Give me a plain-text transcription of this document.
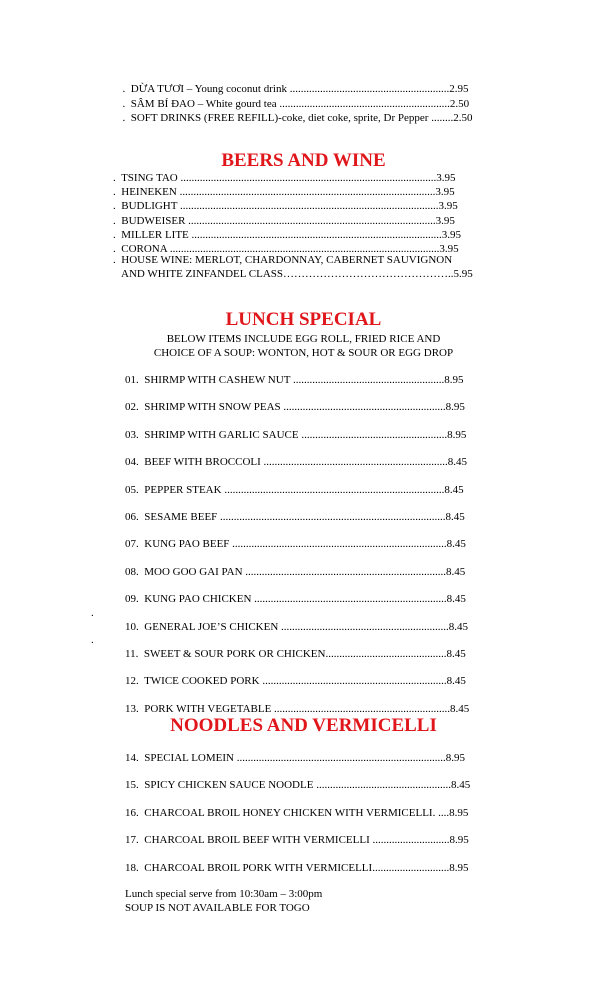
. DỪA TƯƠI – Young coconut drink ..........................................................2.95

. SÂM BÍ ĐAO – White gourd tea ..............................................................2.50

. SOFT DRINKS (FREE REFILL)-coke, diet coke, sprite, Dr Pepper ........2.50

BEERS AND WINE
. TSING TAO .............................................................................................3.95
. HEINEKEN .............................................................................................3.95
. BUDLIGHT ..............................................................................................3.95
. BUDWEISER ..........................................................................................3.95
. MILLER LITE ...........................................................................................3.95
. CORONA ..................................................................................................3.95
.  HOUSE WINE: MERLOT, CHARDONNAY, CABERNET SAUVIGNON
AND WHITE ZINFANDEL CLASS………………………………………..5.95
LUNCH SPECIAL
BELOW ITEMS INCLUDE EGG ROLL, FRIED RICE AND
CHOICE OF A SOUP: WONTON, HOT & SOUR OR EGG DROP
01. SHIRMP WITH CASHEW NUT .......................................................8.95
02. SHRIMP WITH SNOW PEAS ...........................................................8.95
03. SHRIMP WITH GARLIC SAUCE .....................................................8.95
04. BEEF WITH BROCCOLI ...................................................................8.45
05. PEPPER STEAK ................................................................................8.45
06. SESAME BEEF ..................................................................................8.45
07. KUNG PAO BEEF ..............................................................................8.45
08. MOO GOO GAI PAN .........................................................................8.45
09. KUNG PAO CHICKEN ......................................................................8.45
10. GENERAL JOE’S CHICKEN .............................................................8.45
11. SWEET & SOUR PORK OR CHICKEN............................................8.45
12. TWICE COOKED PORK ...................................................................8.45
13. PORK WITH VEGETABLE ................................................................8.45
NOODLES AND VERMICELLI
14. SPECIAL LOMEIN ............................................................................8.95
15. SPICY CHICKEN SAUCE NOODLE .................................................8.45
16. CHARCOAL BROIL HONEY CHICKEN WITH VERMICELLI. ....8.95
17. CHARCOAL BROIL BEEF WITH VERMICELLI ............................8.95
18. CHARCOAL BROIL PORK WITH VERMICELLI............................8.95
Lunch special serve from 10:30am – 3:00pm
SOUP IS NOT AVAILABLE FOR TOGO
.
.
